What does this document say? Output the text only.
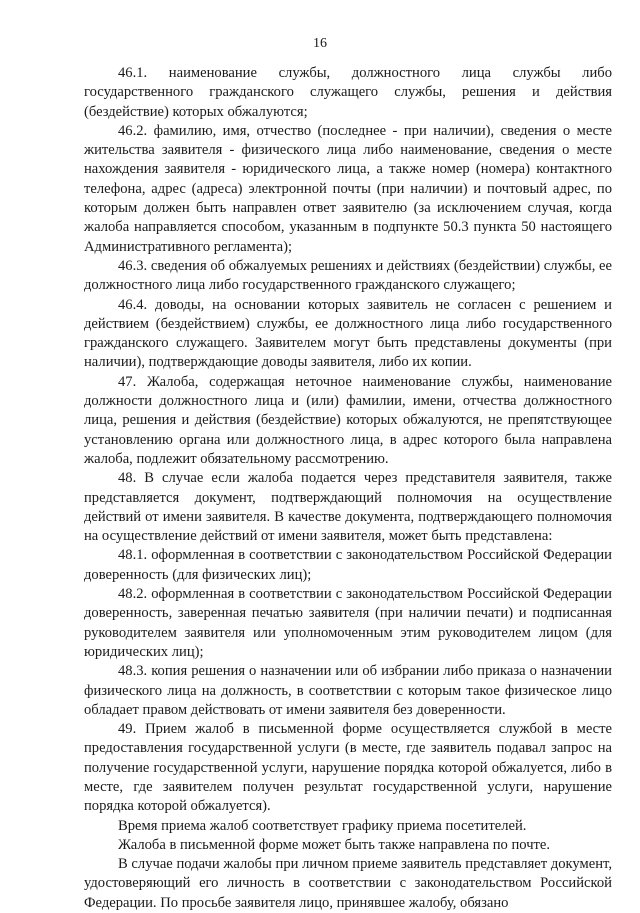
16

46.1. наименование службы, должностного лица службы либо государственного гражданского служащего службы, решения и действия (бездействие) которых обжалуются;

46.2. фамилию, имя, отчество (последнее - при наличии), сведения о месте жительства заявителя - физического лица либо наименование, сведения о месте нахождения заявителя - юридического лица, а также номер (номера) контактного телефона, адрес (адреса) электронной почты (при наличии) и почтовый адрес, по которым должен быть направлен ответ заявителю (за исключением случая, когда жалоба направляется способом, указанным в подпункте 50.3 пункта 50 настоящего Административного регламента);

46.3. сведения об обжалуемых решениях и действиях (бездействии) службы, ее должностного лица либо государственного гражданского служащего;

46.4. доводы, на основании которых заявитель не согласен с решением и действием (бездействием) службы, ее должностного лица либо государственного гражданского служащего. Заявителем могут быть представлены документы (при наличии), подтверждающие доводы заявителя, либо их копии.

47. Жалоба, содержащая неточное наименование службы, наименование должности должностного лица и (или) фамилии, имени, отчества должностного лица, решения и действия (бездействие) которых обжалуются, не препятствующее установлению органа или должностного лица, в адрес которого была направлена жалоба, подлежит обязательному рассмотрению.

48. В случае если жалоба подается через представителя заявителя, также представляется документ, подтверждающий полномочия на осуществление действий от имени заявителя. В качестве документа, подтверждающего полномочия на осуществление действий от имени заявителя, может быть представлена:

48.1. оформленная в соответствии с законодательством Российской Федерации доверенность (для физических лиц);

48.2. оформленная в соответствии с законодательством Российской Федерации доверенность, заверенная печатью заявителя (при наличии печати) и подписанная руководителем заявителя или уполномоченным этим руководителем лицом (для юридических лиц);

48.3. копия решения о назначении или об избрании либо приказа о назначении физического лица на должность, в соответствии с которым такое физическое лицо обладает правом действовать от имени заявителя без доверенности.

49. Прием жалоб в письменной форме осуществляется службой в месте предоставления государственной услуги (в месте, где заявитель подавал запрос на получение государственной услуги, нарушение порядка которой обжалуется, либо в месте, где заявителем получен результат государственной услуги, нарушение порядка которой обжалуется).

Время приема жалоб соответствует графику приема посетителей.

Жалоба в письменной форме может быть также направлена по почте.

В случае подачи жалобы при личном приеме заявитель представляет документ, удостоверяющий его личность в соответствии с законодательством Российской Федерации. По просьбе заявителя лицо, принявшее жалобу, обязано
